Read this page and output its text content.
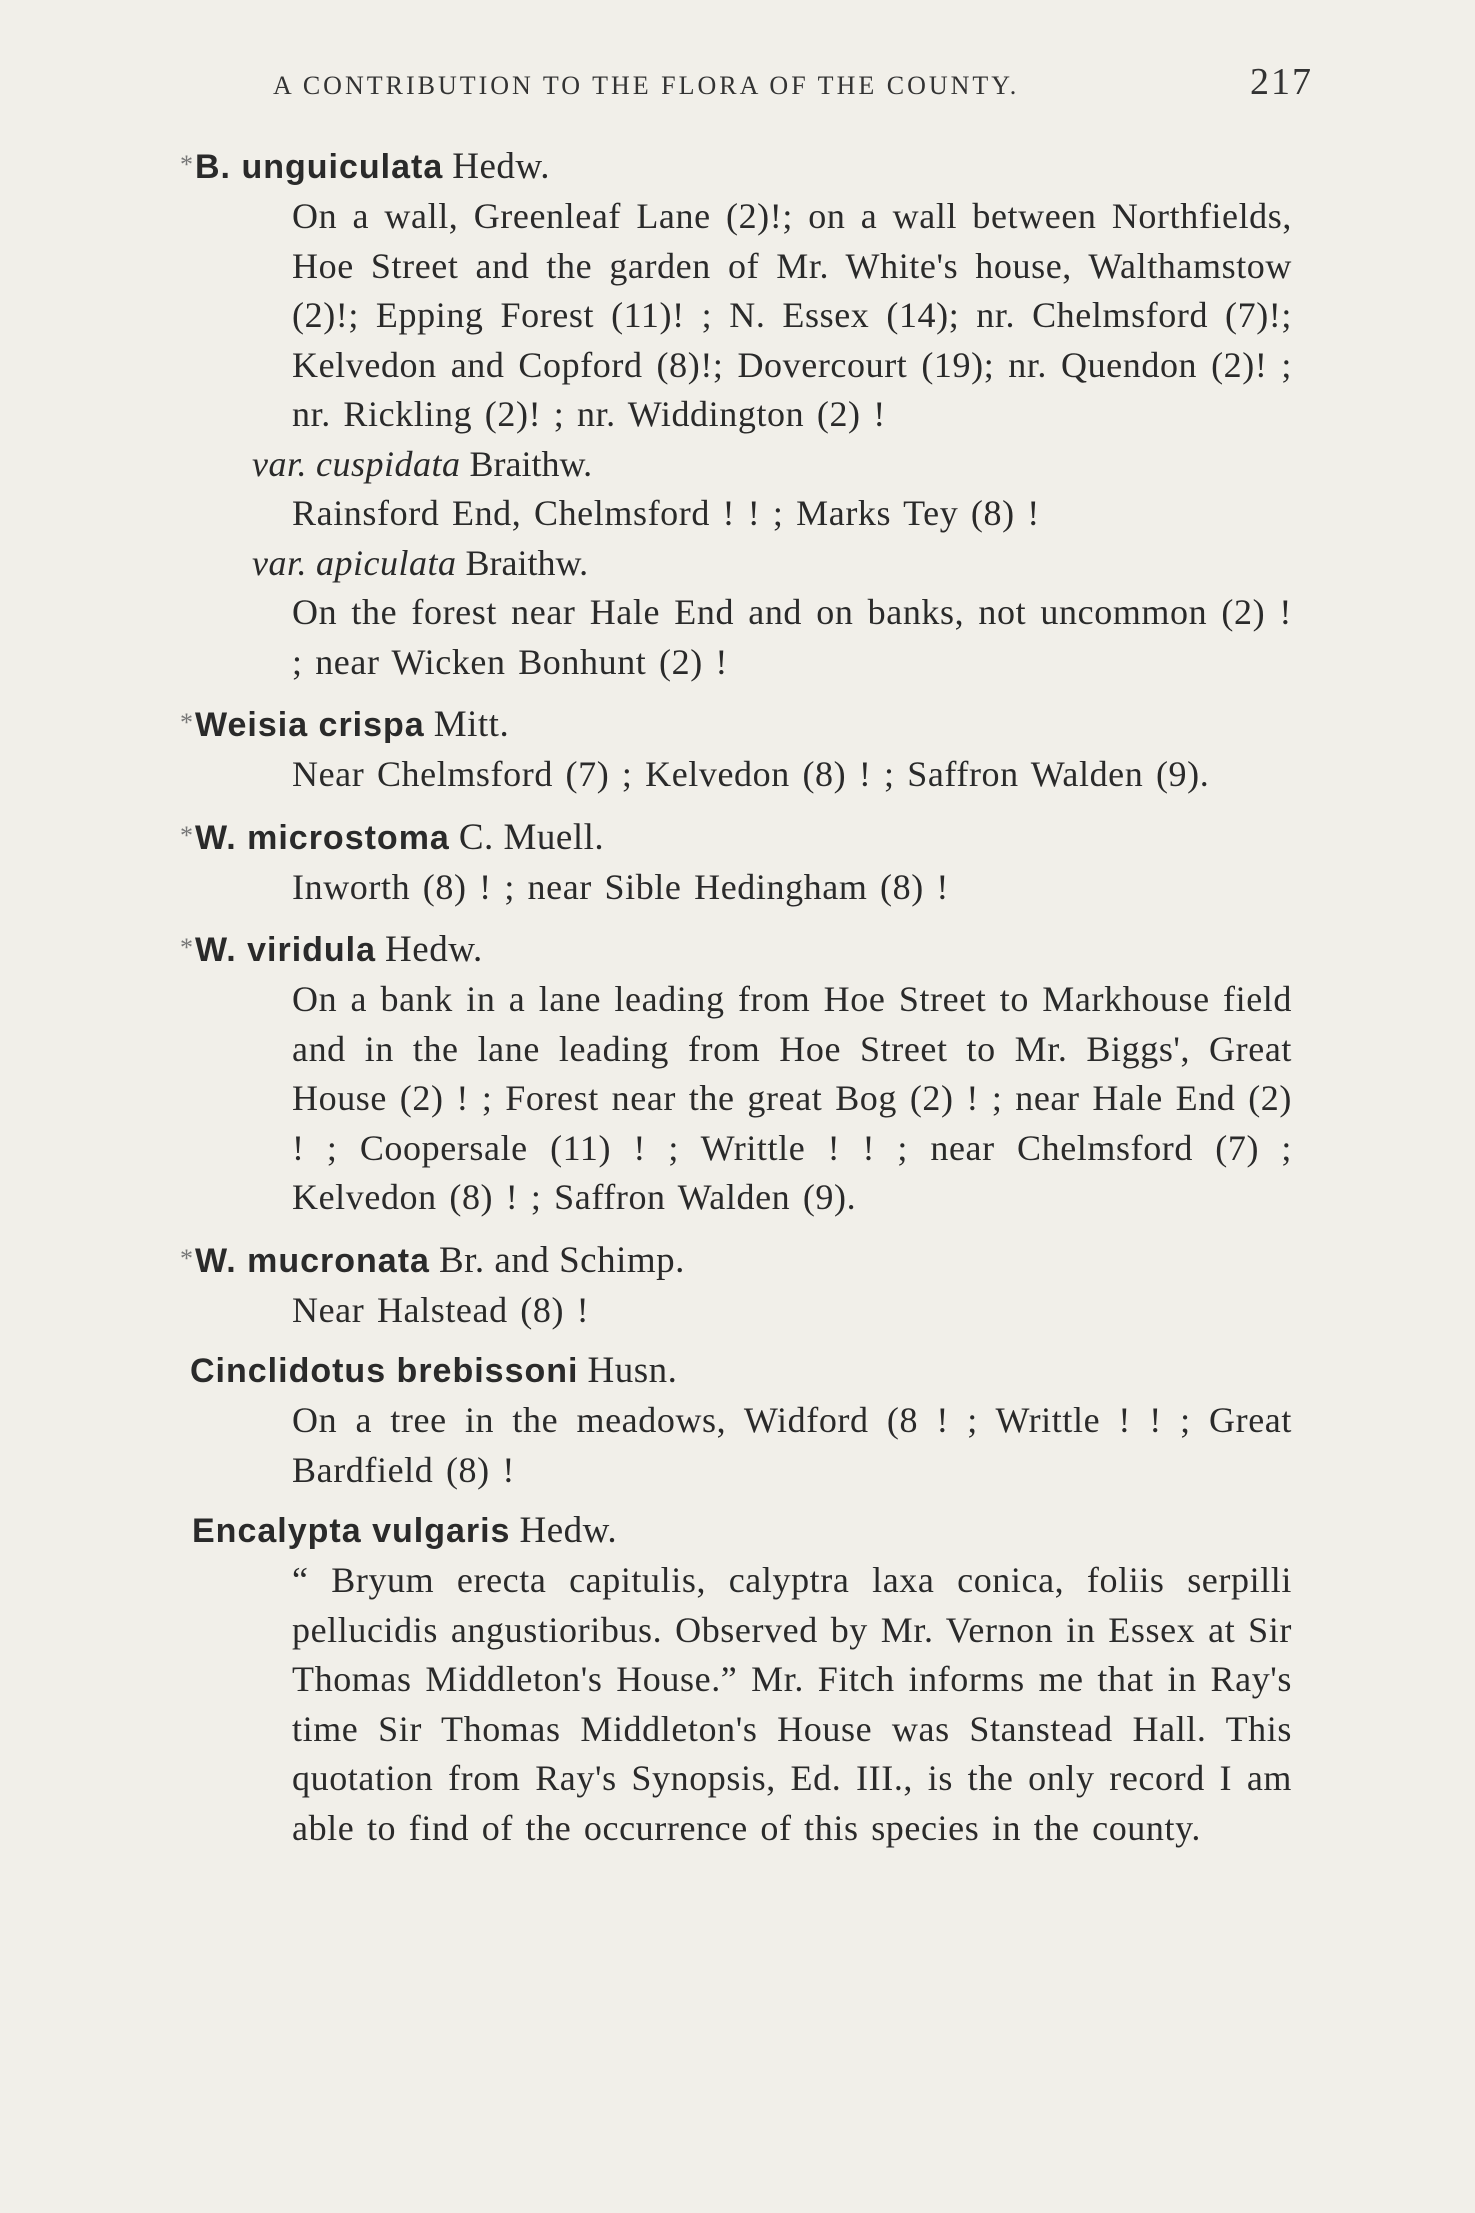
A CONTRIBUTION TO THE FLORA OF THE COUNTY.	217

*B. unguiculata Hedw.

On a wall, Greenleaf Lane (2)!; on a wall between Northfields, Hoe Street and the garden of Mr. White's house, Walthamstow (2)!; Epping Forest (11)! ; N. Essex (14); nr. Chelmsford (7)!; Kelvedon and Copford (8)!; Dovercourt (19); nr. Quendon (2)! ; nr. Rickling (2)! ; nr. Widdington (2) !

var. cuspidata Braithw.

Rainsford End, Chelmsford ! ! ; Marks Tey (8) !

var. apiculata Braithw.

On the forest near Hale End and on banks, not uncommon (2) ! ; near Wicken Bonhunt (2) !

*Weisia crispa Mitt.

Near Chelmsford (7) ; Kelvedon (8) ! ; Saffron Walden (9).

*W. microstoma C. Muell.

Inworth (8) ! ; near Sible Hedingham (8) !

*W. viridula Hedw.

On a bank in a lane leading from Hoe Street to Markhouse field and in the lane leading from Hoe Street to Mr. Biggs', Great House (2) ! ; Forest near the great Bog (2) ! ; near Hale End (2) ! ; Coopersale (11) ! ; Writtle ! ! ; near Chelmsford (7) ; Kelvedon (8) ! ; Saffron Walden (9).

*W. mucronata Br. and Schimp.

Near Halstead (8) !

Cinclidotus brebissoni Husn.

On a tree in the meadows, Widford (8 ! ; Writtle ! ! ; Great Bardfield (8) !

Encalypta vulgaris Hedw.

“ Bryum erecta capitulis, calyptra laxa conica, foliis serpilli pellucidis angustioribus. Observed by Mr. Vernon in Essex at Sir Thomas Middleton's House.” Mr. Fitch informs me that in Ray's time Sir Thomas Middleton's House was Stanstead Hall. This quotation from Ray's Synopsis, Ed. III., is the only record I am able to find of the occurrence of this species in the county.
